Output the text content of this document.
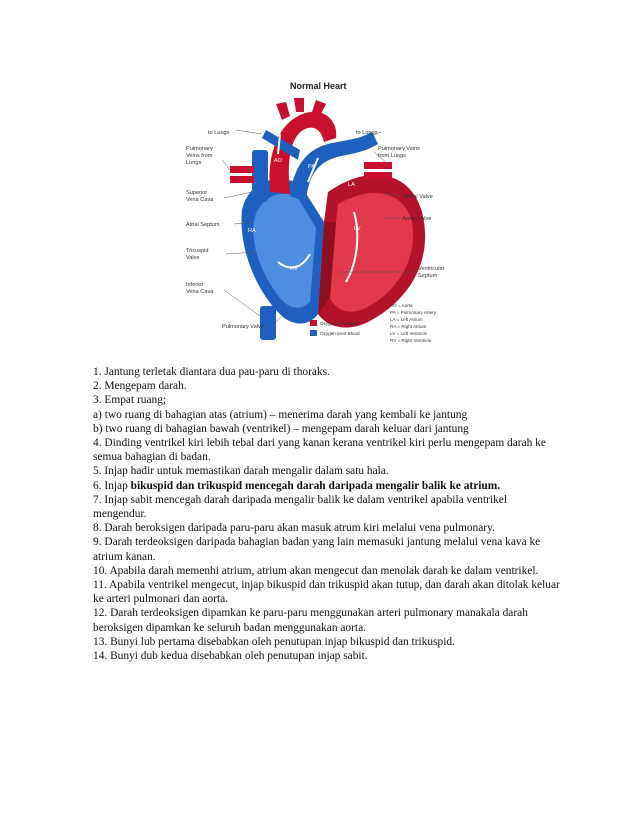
Normal Heart
AO
PA
LA
RA	LV
RV
to Lungs	to Lungs
Pulmonary
Veins from
Lungs
Pulmonary Veins
from Lungs
Superior
Vena Cava
Atrial Septum
Tricuspid
Valve
Inferior
Vena Cava
Pulmonary Valve
Mitral Valve
Aortic Valve
Ventricular
Septum
Oxygen-rich Blood
Oxygen-poor Blood
AO = Aorta
PA = Pulmonary Artery
LA = Left Atrium
RA = Right Atrium
LV = Left Ventricle
RV = Right Ventricle

1. Jantung terletak diantara dua pau-paru di thoraks.

2. Mengepam darah.

3. Empat ruang;

a) two ruang di bahagian atas (atrium) – menerima darah yang kembali ke jantung

b) two ruang di bahagian bawah (ventrikel) – mengepam darah keluar dari jantung

4. Dinding ventrikel kiri lebih tebal dari yang kanan kerana ventrikel kiri perlu mengepam darah ke semua bahagian di badan.

5. Injap hadir untuk memastikan darah mengalir dalam satu hala.

6. Injap bikuspid dan trikuspid mencegah darah daripada mengalir balik ke atrium.

7. Injap sabit mencegah darah daripada mengalir balik ke dalam ventrikel apabila ventrikel mengendur.

8. Darah beroksigen daripada paru-paru akan masuk atrum kiri melalui vena pulmonary.

9. Darah terdeoksigen daripada bahagian badan yang lain memasuki jantung melalui vena kava ke atrium kanan.

10. Apabila darah memenhi atrium, atrium akan mengecut dan menolak darah ke dalam ventrikel.

11. Apabila ventrikel mengecut, injap bikuspid dan trikuspid akan tutup, dan darah akan ditolak keluar ke arteri pulmonari dan aorta.

12. Darah terdeoksigen dipamkan ke paru-paru menggunakan arteri pulmonary manakala darah beroksigen dipamkan ke seluruh badan menggunakan aorta.

13. Bunyi lub pertama disebabkan oleh penutupan injap bikuspid dan trikuspid.

14. Bunyi dub kedua disebabkan oleh penutupan injap sabit.
